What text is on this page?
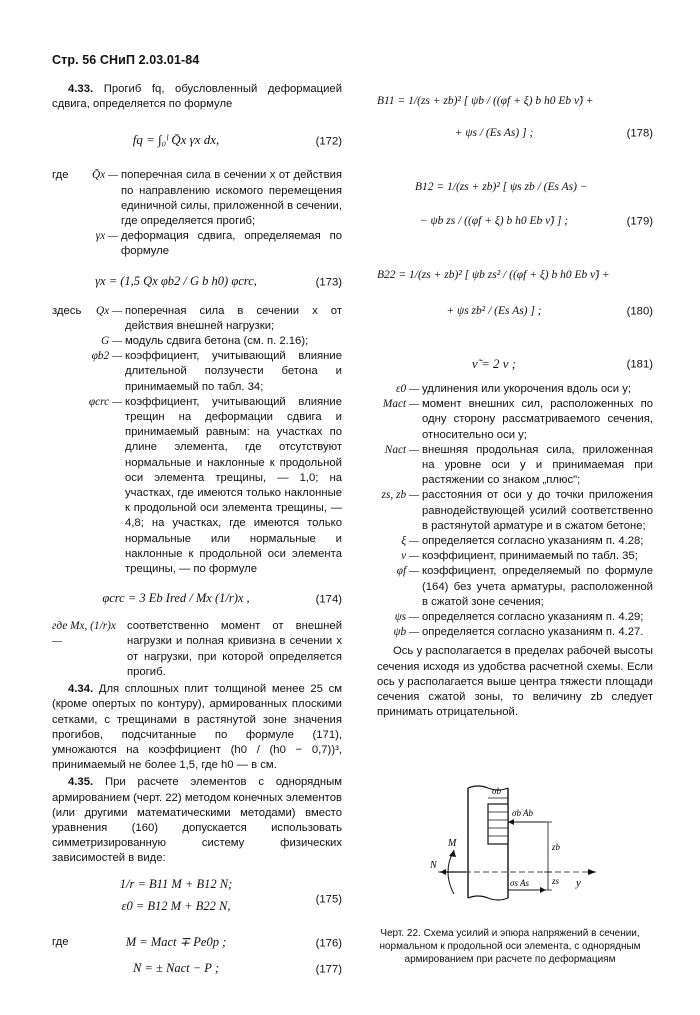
Стр. 56 СНиП 2.03.01-84

4.33. Прогиб fq, обусловленный деформацией сдвига, определяется по формуле

fq = ∫₀ˡ Q̄x γx dx,	(172)
где	Q̄x — поперечная сила в сечении x от действия по направлению искомого перемещения единичной силы, приложенной в сечении, где определяется прогиб;
γx — деформация сдвига, определяемая по формуле
γx = (1,5 Qx φb2 / G b h0) φcrc,	(173)
здесь	Qx — поперечная сила в сечении x от действия внешней нагрузки;
G — модуль сдвига бетона (см. п. 2.16);
φb2 — коэффициент, учитывающий влияние длительной ползучести бетона и принимаемый по табл. 34;
φcrc — коэффициент, учитывающий влияние трещин на деформации сдвига и принимаемый равным: на участках по длине элемента, где отсутствуют нормальные и наклонные к продольной оси элемента трещины, — 1,0; на участках, где имеются только наклонные к продольной оси элемента трещины, — 4,8; на участках, где имеются только нормальные или нормальные и наклонные к продольной оси элемента трещины, — по формуле
φcrc = 3 Eb Ired / Mx (1/r)x ,	(174)
где Mx, (1/r)x —
соответственно момент от внешней нагрузки и полная кривизна в сечении x от нагрузки, при которой определяется прогиб.

4.34. Для сплошных плит толщиной менее 25 см (кроме опертых по контуру), армированных плоскими сетками, с трещинами в растянутой зоне значения прогибов, подсчитанные по формуле (171), умножаются на коэффициент (h0 / (h0 − 0,7))³, принимаемый не более 1,5, где h0 — в см.

4.35. При расчете элементов с однорядным армированием (черт. 22) методом конечных элементов (или другими математическими методами) вместо уравнения (160) допускается использовать симметризированную систему физических зависимостей в виде:

1/r = B11 M + B12 N;
ε0 = B12 M + B22 N,	(175)
где	M = Mact ∓ Pe0p ;	(176)
N = ± Nact − P ;	(177)
B11 = 1/(zs + zb)² [ ψb / ((φf + ξ) b h0 Eb ν̃) +
+ ψs / (Es As) ] ;	(178)
B12 = 1/(zs + zb)² [ ψs zb / (Es As) −
− ψb zs / ((φf + ξ) b h0 Eb ν̃) ] ;	(179)
B22 = 1/(zs + zb)² [ ψb zs² / ((φf + ξ) b h0 Eb ν̃) +
+ ψs zb² / (Es As) ] ;	(180)
ν̃ = 2 ν ;	(181)
ε0 — удлинения или укорочения вдоль оси y;
Mact — момент внешних сил, расположенных по одну сторону рассматриваемого сечения, относительно оси y;
Nact — внешняя продольная сила, приложенная на уровне оси y и принимаемая при растяжении со знаком „плюс";
zs, zb — расстояния от оси y до точки приложения равнодействующей усилий соответственно в растянутой арматуре и в сжатом бетоне;
ξ — определяется согласно указаниям п. 4.28;
ν — коэффициент, принимаемый по табл. 35;
φf — коэффициент, определяемый по формуле (164) без учета арматуры, расположенной в сжатой зоне сечения;
ψs — определяется согласно указаниям п. 4.29;
ψb — определяется согласно указаниям п. 4.27.

Ось y располагается в пределах рабочей высоты сечения исходя из удобства расчетной схемы. Если ось y располагается выше центра тяжести площади сечения сжатой зоны, то величину zb следует принимать отрицательной.

σb
σb Ab
zb
zs y
σs As
M
N
Черт. 22. Схема усилий и эпюра напряжений в сечении, нормальном к продольной оси элемента, с однорядным армированием при расчете по деформациям
